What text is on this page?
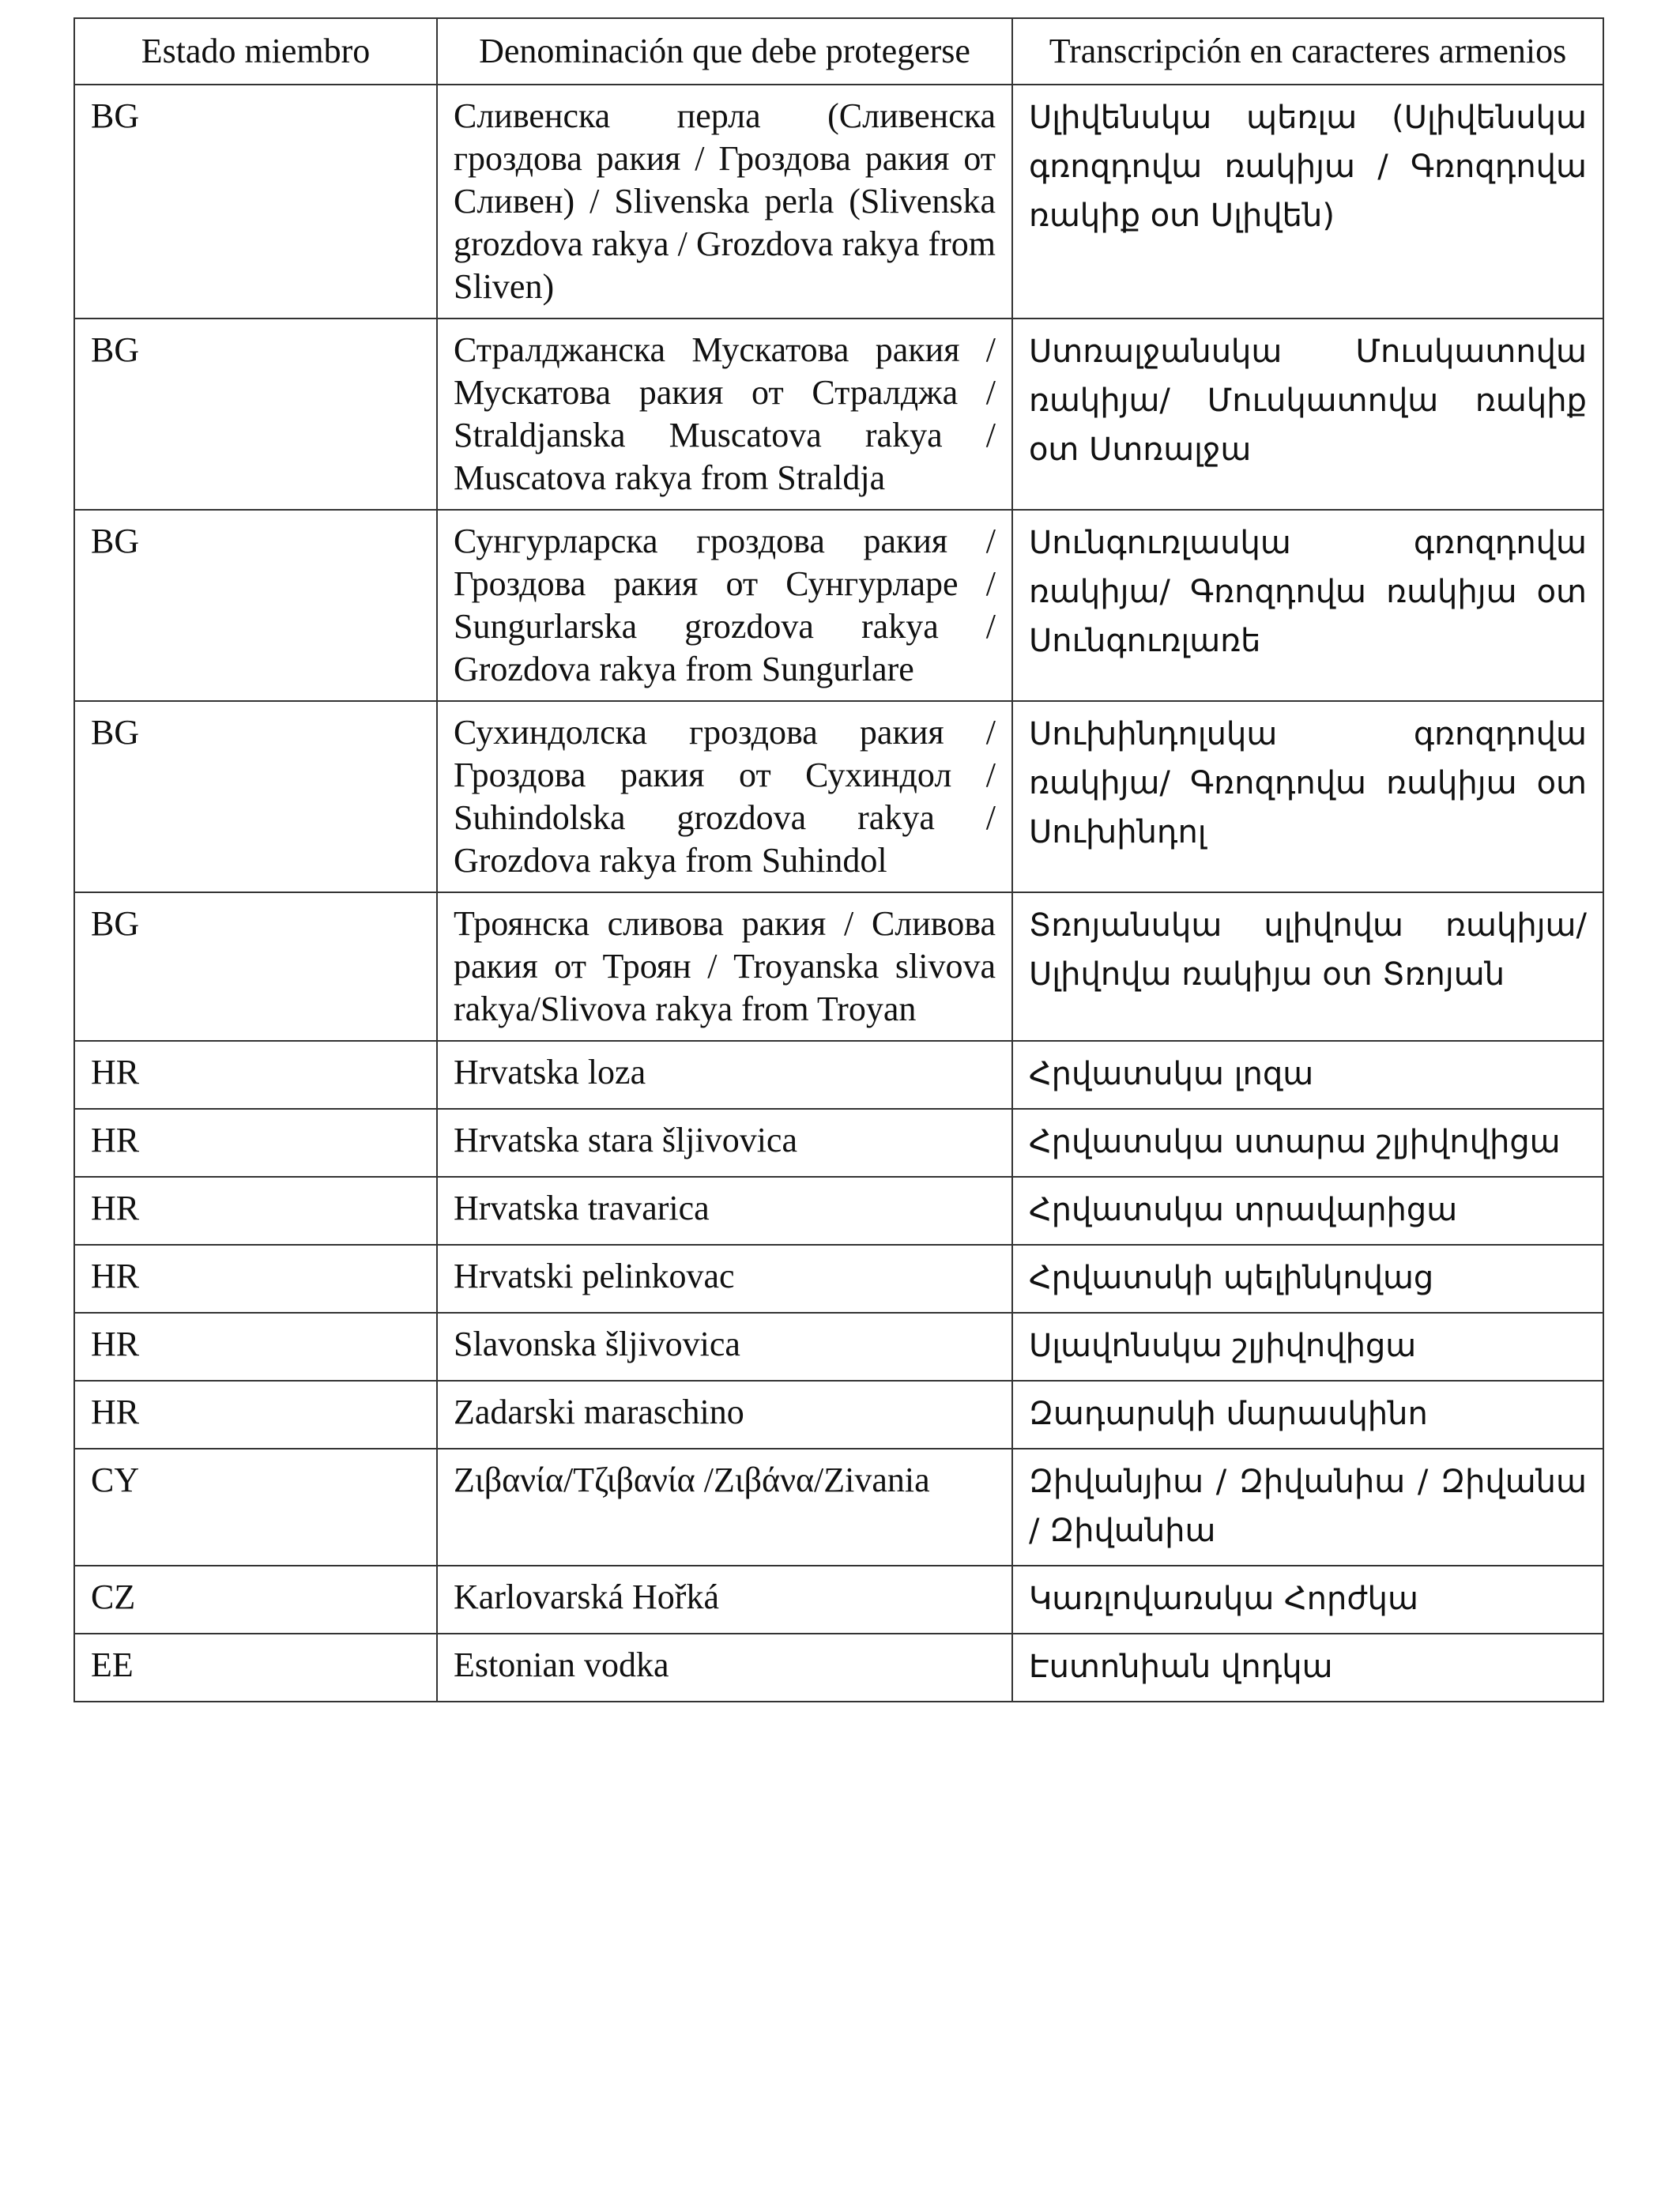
Estado miembro	Denominación que debe protegerse	Transcripción en caracteres armenios
BG	Сливенска перла (Сливенска гроздова ракия / Гроздова ракия от Сливен) / Slivenska perla (Slivenska grozdova rakya / Grozdova rakya from Sliven)	Սլիվենսկա պեռլա (Սլիվենսկա գռոզդովա ռակիյա / Գռոզդովա ռակիք օտ Սլիվեն)
BG	Стралджанска Мускатова ракия / Мускатова ракия от Стралджа / Straldjanska Muscatova rakya / Muscatova rakya from Straldja	Ստռալջանսկա Մուսկատովա ռակիյա/ Մուսկատովա ռակիք օտ Ստռալջա
BG	Сунгурларска гроздова ракия / Гроздова ракия от Сунгурларе / Sungurlarska grozdova rakya / Grozdova rakya from Sungurlare	Սունգուռլասկա գռոզդովա ռակիյա/ Գռոզդովա ռակիյա օտ Սունգուռլառե
BG	Сухиндолска гроздова ракия / Гроздова ракия от Сухиндол / Suhindolska grozdova rakya / Grozdova rakya from Suhindol	Սուխինդոլսկա գռոզդովա ռակիյա/ Գռոզդովա ռակիյա օտ Սուխինդոլ
BG	Троянска сливова ракия / Сливова ракия от Троян / Troyanska slivova rakya/Slivova rakya from Troyan	Տռոյանսկա սլիվովա ռակիյա/ Սլիվովա ռակիյա օտ Տռոյան
HR	Hrvatska loza	Հրվատսկա լոզա
HR	Hrvatska stara šljivovica	Հրվատսկա ստարա շլյիվովիցա
HR	Hrvatska travarica	Հրվատսկա տրավարիցա
HR	Hrvatski pelinkovac	Հրվատսկի պելինկովաց
HR	Slavonska šljivovica	Սլավոնսկա շլյիվովիցա
HR	Zadarski maraschino	Զադարսկի մարասկինո
CY	Ζιβανία/Τζιβανία /Ζιβάνα/Zivania	Զիվանյիա / Զիվանիա / Զիվանա / Զիվանիա
CZ	Karlovarská Hořká	Կառլովառսկա Հորժկա
EE	Estonian vodka	Էստոնիան վոդկա
